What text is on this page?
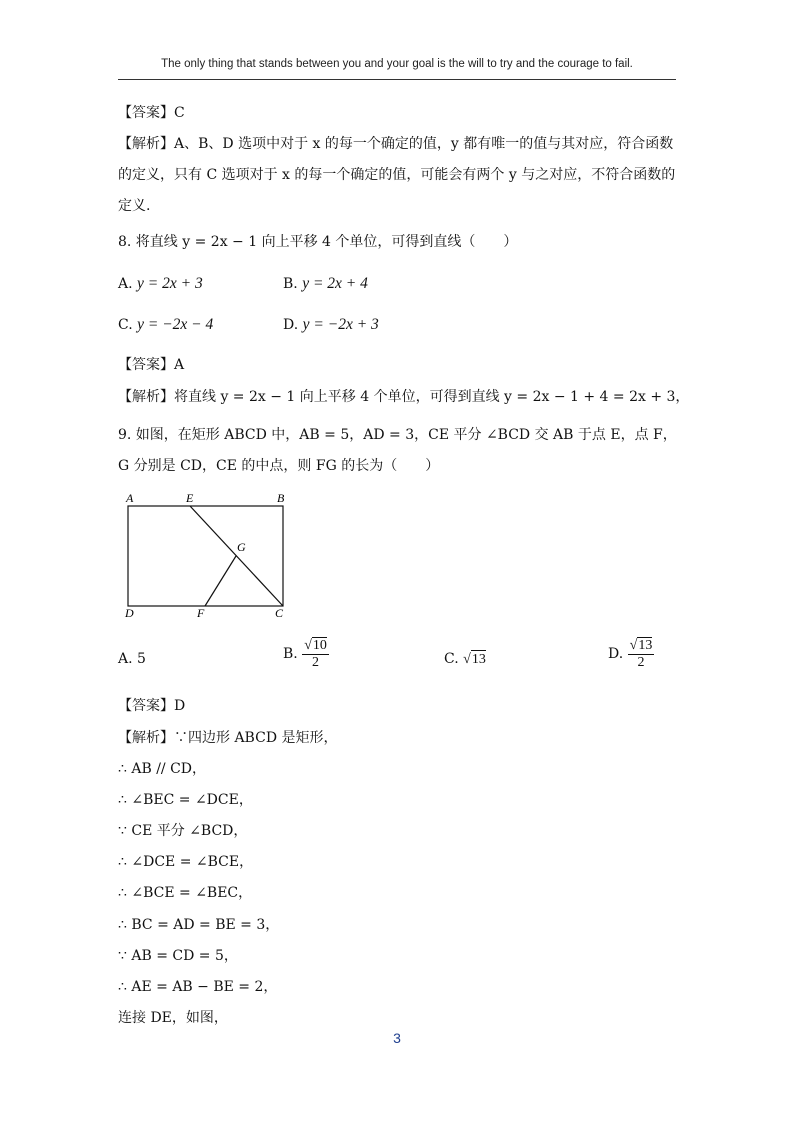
The only thing that stands between you and your goal is the will to try and the courage to fail.
【答案】C
【解析】A、B、D 选项中对于 x 的每一个确定的值，y 都有唯一的值与其对应，符合函数
的定义，只有 C 选项对于 x 的每一个确定的值，可能会有两个 y 与之对应，不符合函数的
定义.
8. 将直线 y = 2x − 1 向上平移 4 个单位，可得到直线（　　）
A. y = 2x + 3	B. y = 2x + 4
C. y = −2x − 4	D. y = −2x + 3
【答案】A
【解析】将直线 y = 2x − 1 向上平移 4 个单位，可得到直线 y = 2x − 1 + 4 = 2x + 3，
9. 如图，在矩形 ABCD 中，AB = 5，AD = 3，CE 平分 ∠BCD 交 AB 于点 E，点 F，
G 分别是 CD，CE 的中点，则 FG 的长为（　　）
A	E	B
G
D	F	C
A. 5	B. $\frac{√10}{2}$	C. √13	D. $\frac{√13}{2}$
【答案】D
【解析】∵四边形 ABCD 是矩形，
∴ AB // CD，
∴ ∠BEC = ∠DCE，
∵ CE 平分 ∠BCD，
∴ ∠DCE = ∠BCE，
∴ ∠BCE = ∠BEC，
∴ BC = AD = BE = 3，
∵ AB = CD = 5，
∴ AE = AB − BE = 2，
连接 DE，如图，
3
